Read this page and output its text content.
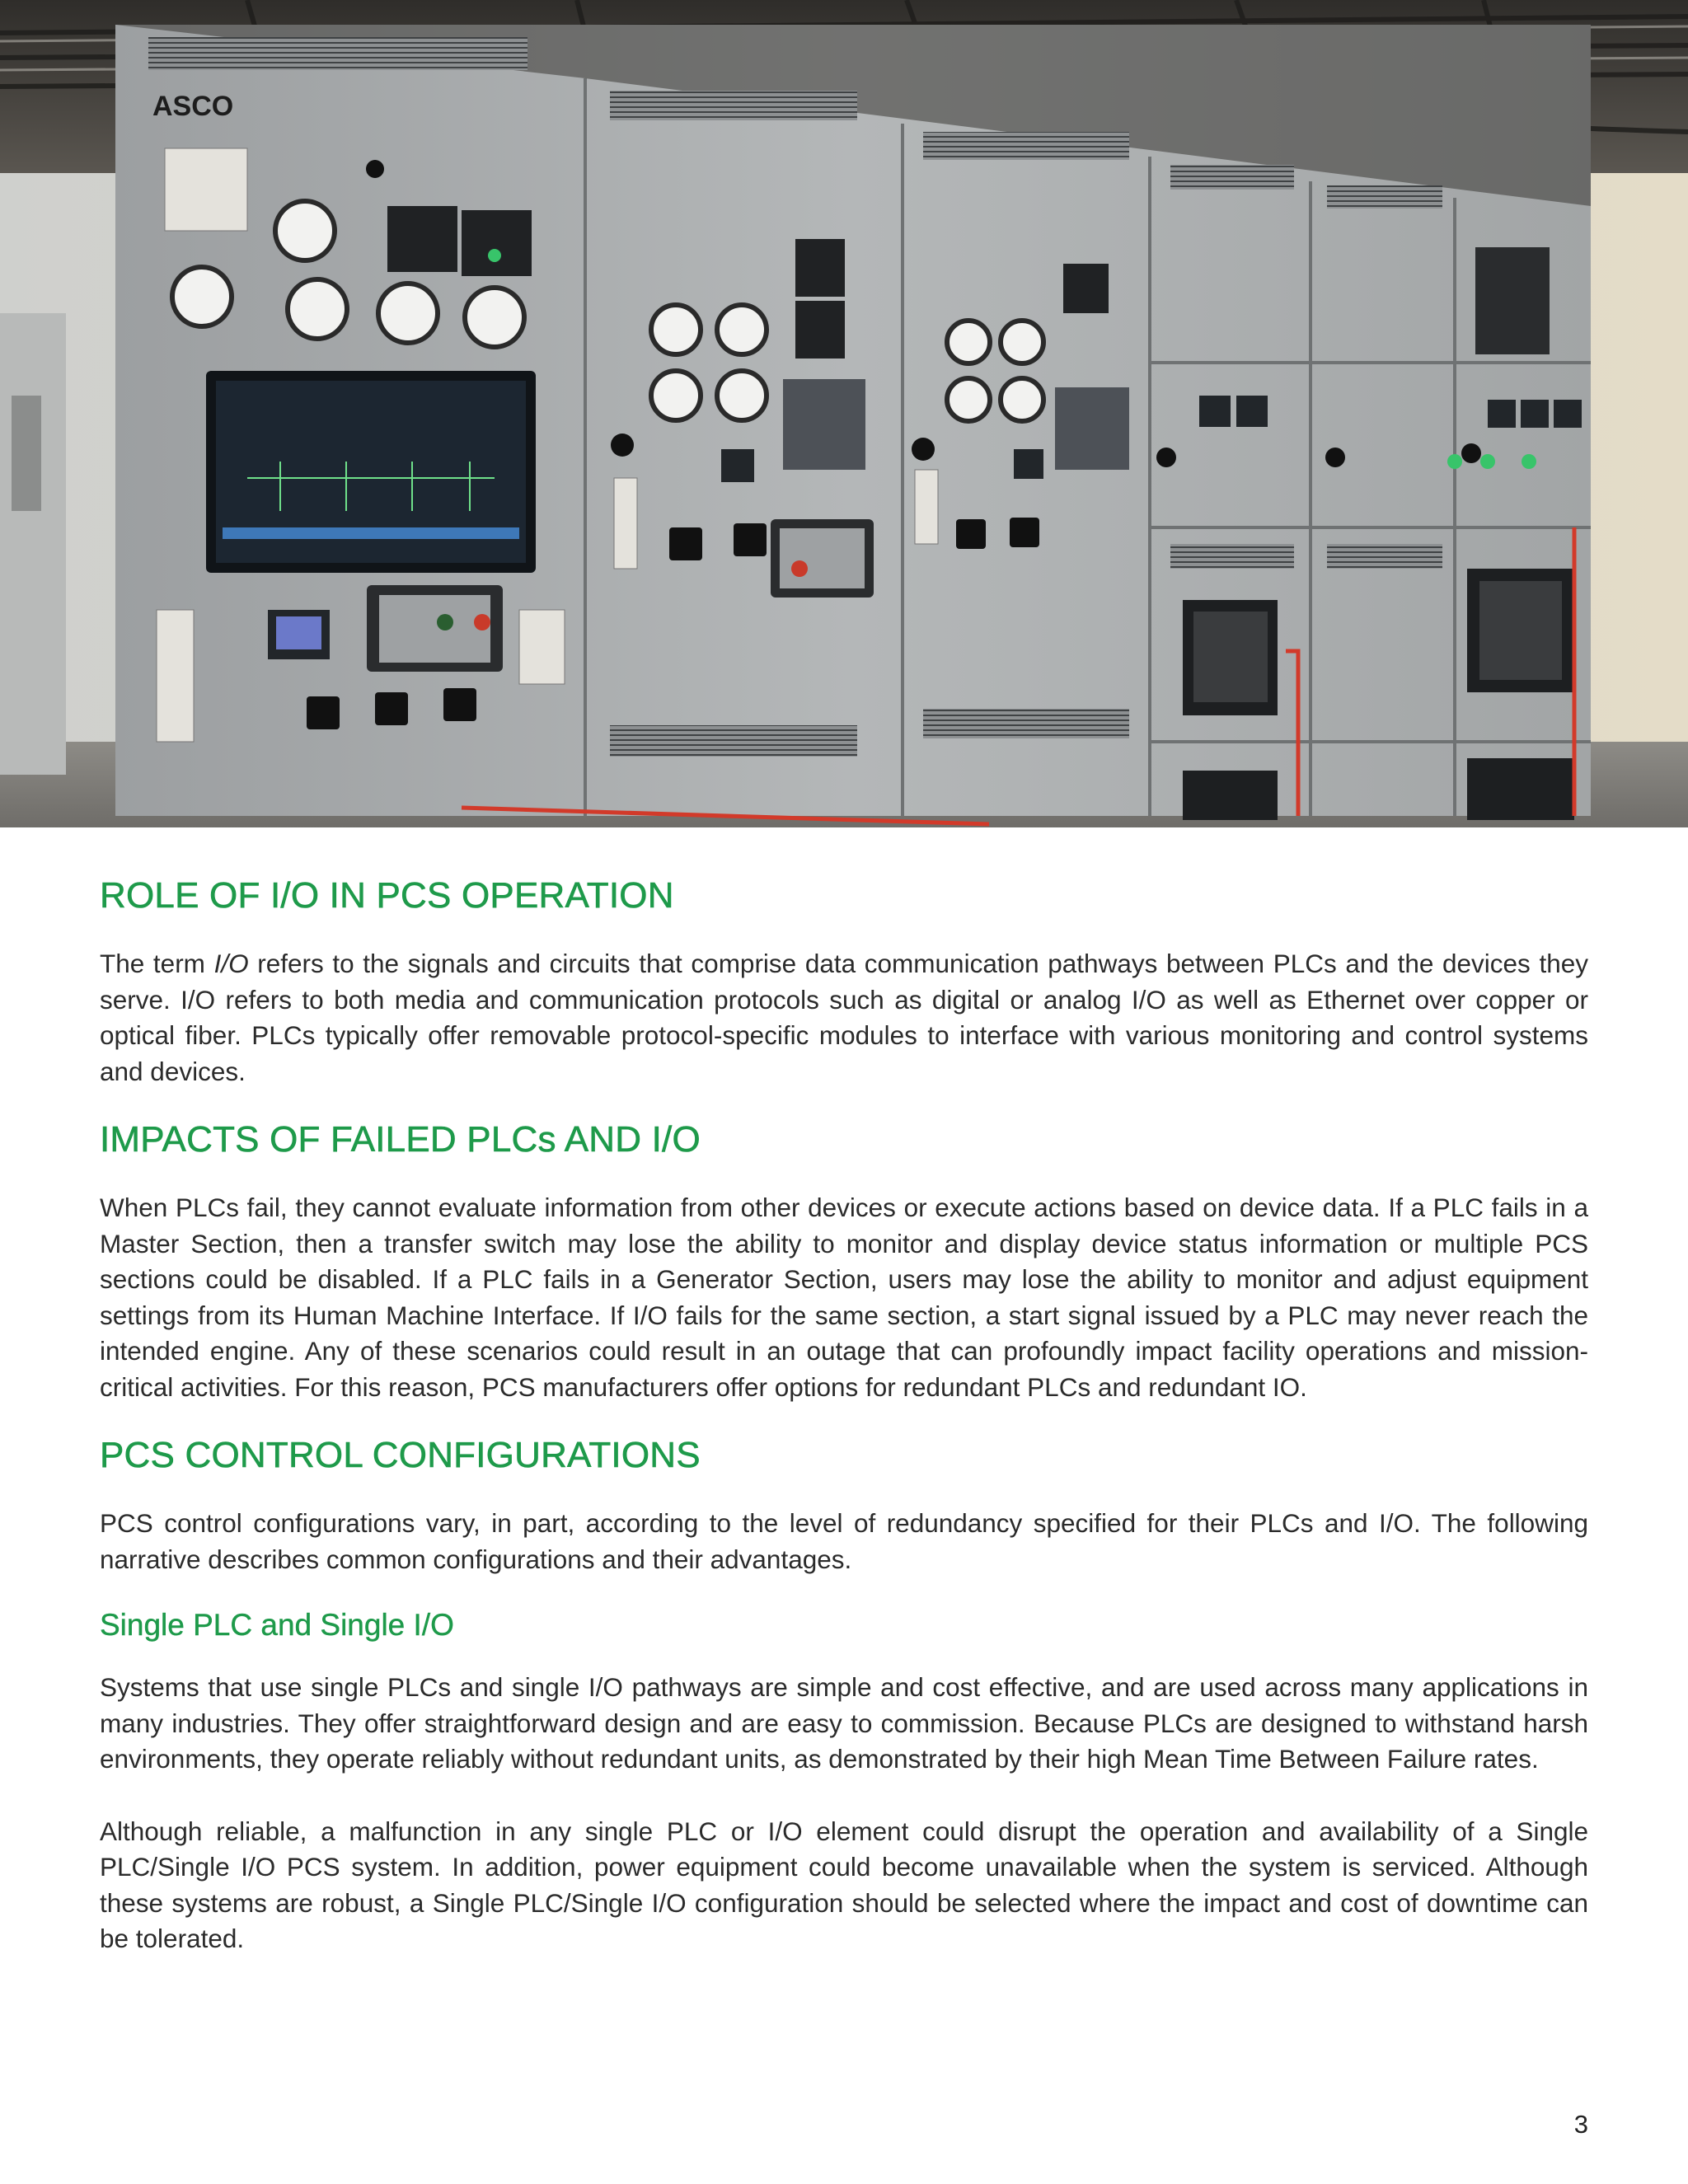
ASCO
ROLE OF I/O IN PCS OPERATION

The term I/O refers to the signals and circuits that comprise data communication pathways between PLCs and the devices they serve. I/O refers to both media and communication protocols such as digital or analog I/O as well as Ethernet over copper or optical fiber. PLCs typically offer removable protocol-specific modules to interface with various monitoring and control systems and devices.

IMPACTS OF FAILED PLCs AND I/O

When PLCs fail, they cannot evaluate information from other devices or execute actions based on device data. If a PLC fails in a Master Section, then a transfer switch may lose the ability to monitor and display device status information or multiple PCS sections could be disabled. If a PLC fails in a Generator Section, users may lose the ability to monitor and adjust equipment settings from its Human Machine Interface. If I/O fails for the same section, a start signal issued by a PLC may never reach the intended engine. Any of these scenarios could result in an outage that can profoundly impact facility operations and mission-critical activities. For this reason, PCS manufacturers offer options for redundant PLCs and redundant IO.

PCS CONTROL CONFIGURATIONS

PCS control configurations vary, in part, according to the level of redundancy specified for their PLCs and I/O. The following narrative describes common configurations and their advantages.

Single PLC and Single I/O

Systems that use single PLCs and single I/O pathways are simple and cost effective, and are used across many applications in many industries. They offer straightforward design and are easy to commission. Because PLCs are designed to withstand harsh environments, they operate reliably without redundant units, as demonstrated by their high Mean Time Between Failure rates.

Although reliable, a malfunction in any single PLC or I/O element could disrupt the operation and availability of a Single PLC/Single I/O PCS system. In addition, power equipment could become unavailable when the system is serviced. Although these systems are robust, a Single PLC/Single I/O configuration should be selected where the impact and cost of downtime can be tolerated.

3
